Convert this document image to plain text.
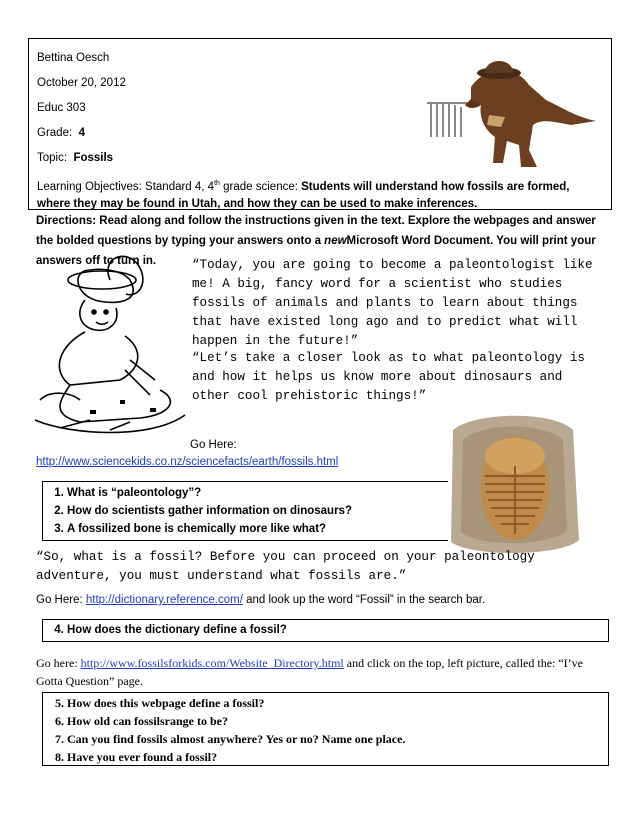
Bettina Oesch
October 20, 2012
Educ 303
Grade: 4
Topic: Fossils
Learning Objectives: Standard 4, 4th grade science: Students will understand how fossils are formed, where they may be found in Utah, and how they can be used to make inferences.
Directions: Read along and follow the instructions given in the text. Explore the webpages and answer the bolded questions by typing your answers onto a newMicrosoft Word Document. You will print your answers off to turn in.	“Today, you are going to become a paleontologist like me! A big, fancy word for a scientist who studies fossils of animals and plants to learn about things that have existed long ago and to predict what will happen in the future!”
“Let’s take a closer look as to what paleontology is and how it helps us know more about dinosaurs and other cool prehistoric things!”
Go Here:
http://www.sciencekids.co.nz/sciencefacts/earth/fossils.html
1. What is “paleontology”?
2. How do scientists gather information on dinosaurs?
3. A fossilized bone is chemically more like what?
“So, what is a fossil? Before you can proceed on your paleontology adventure, you must understand what fossils are.”
Go Here: http://dictionary.reference.com/ and look up the word “Fossil” in the search bar.
4. How does the dictionary define a fossil?
Go here: http://www.fossilsforkids.com/Website_Directory.html and click on the top, left picture, called the: “I’ve Gotta Question” page.
5. How does this webpage define a fossil?
6. How old can fossilsrange to be?
7. Can you find fossils almost anywhere? Yes or no? Name one place.
8. Have you ever found a fossil?
